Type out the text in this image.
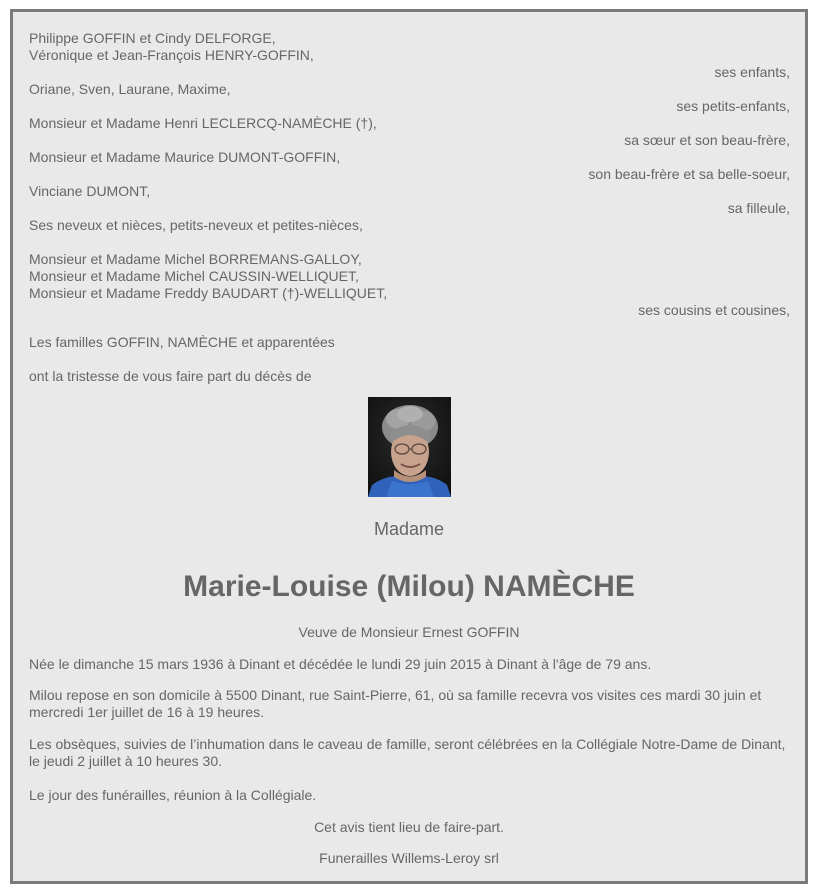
Philippe GOFFIN et Cindy DELFORGE,
Véronique et Jean-François HENRY-GOFFIN,
ses enfants,
Oriane, Sven, Laurane, Maxime,
ses petits-enfants,
Monsieur et Madame Henri LECLERCQ-NAMÈCHE (†),
sa sœur et son beau-frère,
Monsieur et Madame Maurice DUMONT-GOFFIN,
son beau-frère et sa belle-soeur,
Vinciane DUMONT,
sa filleule,
Ses neveux et nièces, petits-neveux et petites-nièces,
Monsieur et Madame Michel BORREMANS-GALLOY,
Monsieur et Madame Michel CAUSSIN-WELLIQUET,
Monsieur et Madame Freddy BAUDART (†)-WELLIQUET,
ses cousins et cousines,
Les familles GOFFIN, NAMÈCHE et apparentées
ont la tristesse de vous faire part du décès de
Madame
Marie-Louise (Milou) NAMÈCHE
Veuve de Monsieur Ernest GOFFIN
Née le dimanche 15 mars 1936 à Dinant et décédée le lundi 29 juin 2015 à Dinant à l'âge de 79 ans.
Milou repose en son domicile à 5500 Dinant, rue Saint-Pierre, 61, où sa famille recevra vos visites ces mardi 30 juin et mercredi 1er juillet de 16 à 19 heures.
Les obsèques, suivies de l’inhumation dans le caveau de famille, seront célébrées en la Collégiale Notre-Dame de Dinant, le jeudi 2 juillet à 10 heures 30.
Le jour des funérailles, réunion à la Collégiale.
Cet avis tient lieu de faire-part.
Funerailles Willems-Leroy srl
